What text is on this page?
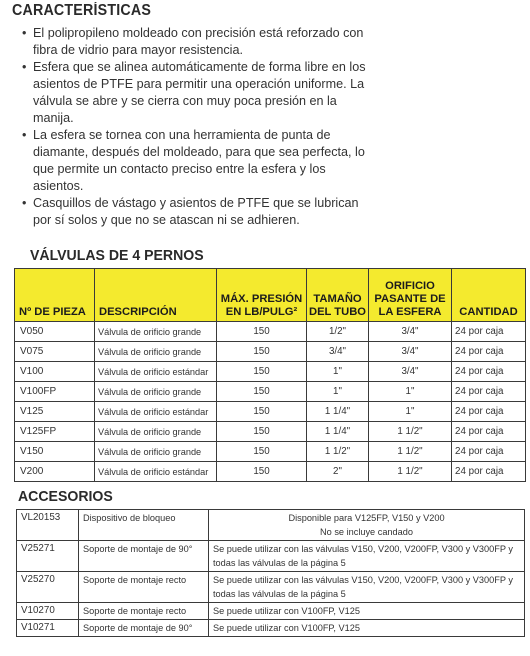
CARACTERÍSTICAS
• El polipropileno moldeado con precisión está reforzado con fibra de vidrio para mayor resistencia.
• Esfera que se alinea automáticamente de forma libre en los asientos de PTFE para permitir una operación uniforme. La válvula se abre y se cierra con muy poca presión en la manija.
• La esfera se tornea con una herramienta de punta de diamante, después del moldeado, para que sea perfecta, lo que permite un contacto preciso entre la esfera y los asientos.
• Casquillos de vástago y asientos de PTFE que se lubrican por sí solos y que no se atascan ni se adhieren.
VÁLVULAS DE 4 PERNOS
Nº DE PIEZA	DESCRIPCIÓN	MÁX. PRESIÓN EN LB/PULG²	TAMAÑO DEL TUBO	ORIFICIO PASANTE DE LA ESFERA	CANTIDAD
V050	Válvula de orificio grande	150	1/2"	3/4"	24 por caja
V075	Válvula de orificio grande	150	3/4"	3/4"	24 por caja
V100	Válvula de orificio estándar	150	1"	3/4"	24 por caja
V100FP	Válvula de orificio grande	150	1"	1"	24 por caja
V125	Válvula de orificio estándar	150	1 1/4"	1"	24 por caja
V125FP	Válvula de orificio grande	150	1 1/4"	1 1/2"	24 por caja
V150	Válvula de orificio grande	150	1 1/2"	1 1/2"	24 por caja
V200	Válvula de orificio estándar	150	2"	1 1/2"	24 por caja
ACCESORIOS
VL20153	Dispositivo de bloqueo	Disponible para V125FP, V150 y V200
No se incluye candado

V25271	Soporte de montaje de 90°	Se puede utilizar con las válvulas V150, V200, V200FP, V300 y V300FP y
todas las válvulas de la página 5

V25270	Soporte de montaje recto	Se puede utilizar con las válvulas V150, V200, V200FP, V300 y V300FP y
todas las válvulas de la página 5

V10270	Soporte de montaje recto	Se puede utilizar con V100FP, V125

V10271	Soporte de montaje de 90°	Se puede utilizar con V100FP, V125
